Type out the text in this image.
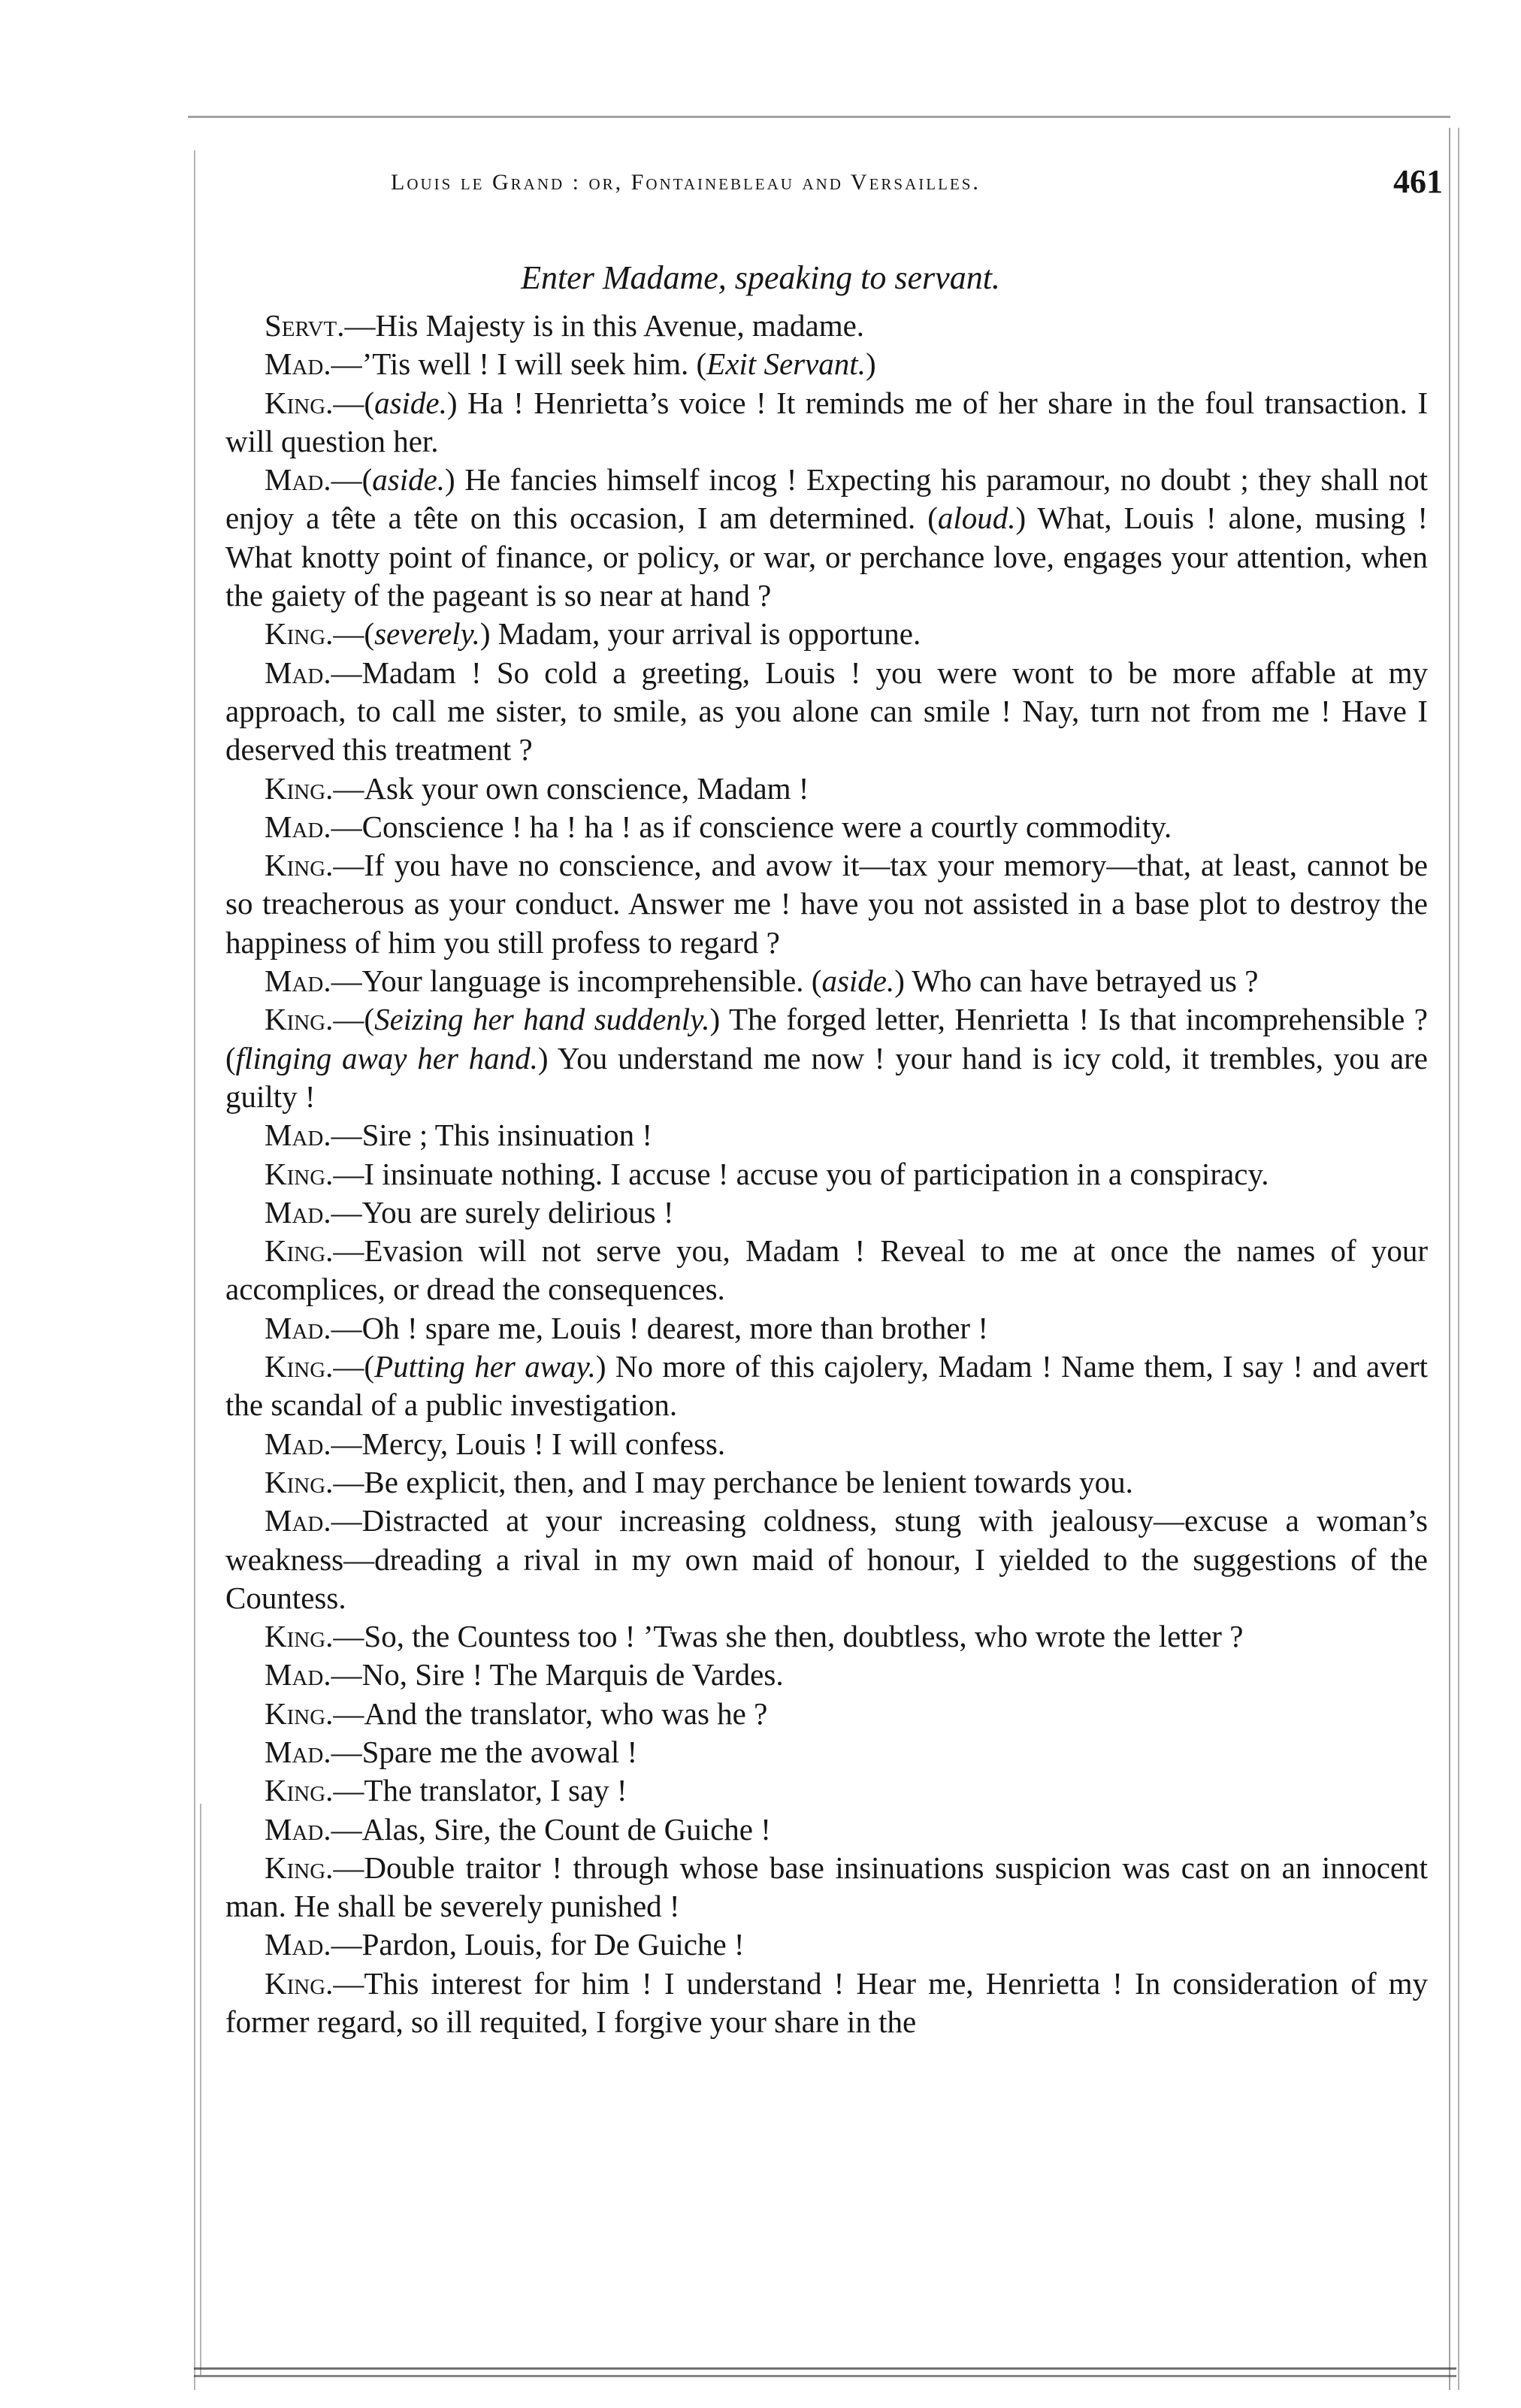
Louis le Grand : or, Fontainebleau and Versailles.	461
Enter Madame, speaking to servant.

Servt.—His Majesty is in this Avenue, madame.

Mad.—’Tis well ! I will seek him. (Exit Servant.)

King.—(aside.) Ha ! Henrietta’s voice ! It reminds me of her share in the foul transaction. I will question her.

Mad.—(aside.) He fancies himself incog ! Expecting his paramour, no doubt ; they shall not enjoy a tête a tête on this occasion, I am determined. (aloud.) What, Louis ! alone, musing ! What knotty point of finance, or policy, or war, or perchance love, engages your attention, when the gaiety of the pageant is so near at hand ?

King.—(severely.) Madam, your arrival is opportune.

Mad.—Madam ! So cold a greeting, Louis ! you were wont to be more affable at my approach, to call me sister, to smile, as you alone can smile ! Nay, turn not from me ! Have I deserved this treatment ?

King.—Ask your own conscience, Madam !

Mad.—Conscience ! ha ! ha ! as if conscience were a courtly commodity.

King.—If you have no conscience, and avow it—tax your memory—that, at least, cannot be so treacherous as your conduct. Answer me ! have you not assisted in a base plot to destroy the happiness of him you still profess to regard ?

Mad.—Your language is incomprehensible. (aside.) Who can have betrayed us ?

King.—(Seizing her hand suddenly.) The forged letter, Henrietta ! Is that incomprehensible ? (flinging away her hand.) You understand me now ! your hand is icy cold, it trembles, you are guilty !

Mad.—Sire ; This insinuation !

King.—I insinuate nothing. I accuse ! accuse you of participation in a conspiracy.

Mad.—You are surely delirious !

King.—Evasion will not serve you, Madam ! Reveal to me at once the names of your accomplices, or dread the consequences.

Mad.—Oh ! spare me, Louis ! dearest, more than brother !

King.—(Putting her away.) No more of this cajolery, Madam ! Name them, I say ! and avert the scandal of a public investigation.

Mad.—Mercy, Louis ! I will confess.

King.—Be explicit, then, and I may perchance be lenient towards you.

Mad.—Distracted at your increasing coldness, stung with jealousy—excuse a woman’s weakness—dreading a rival in my own maid of honour, I yielded to the suggestions of the Countess.

King.—So, the Countess too ! ’Twas she then, doubtless, who wrote the letter ?

Mad.—No, Sire ! The Marquis de Vardes.

King.—And the translator, who was he ?

Mad.—Spare me the avowal !

King.—The translator, I say !

Mad.—Alas, Sire, the Count de Guiche !

King.—Double traitor ! through whose base insinuations suspicion was cast on an innocent man. He shall be severely punished !

Mad.—Pardon, Louis, for De Guiche !

King.—This interest for him ! I understand ! Hear me, Henrietta ! In consideration of my former regard, so ill requited, I forgive your share in the
